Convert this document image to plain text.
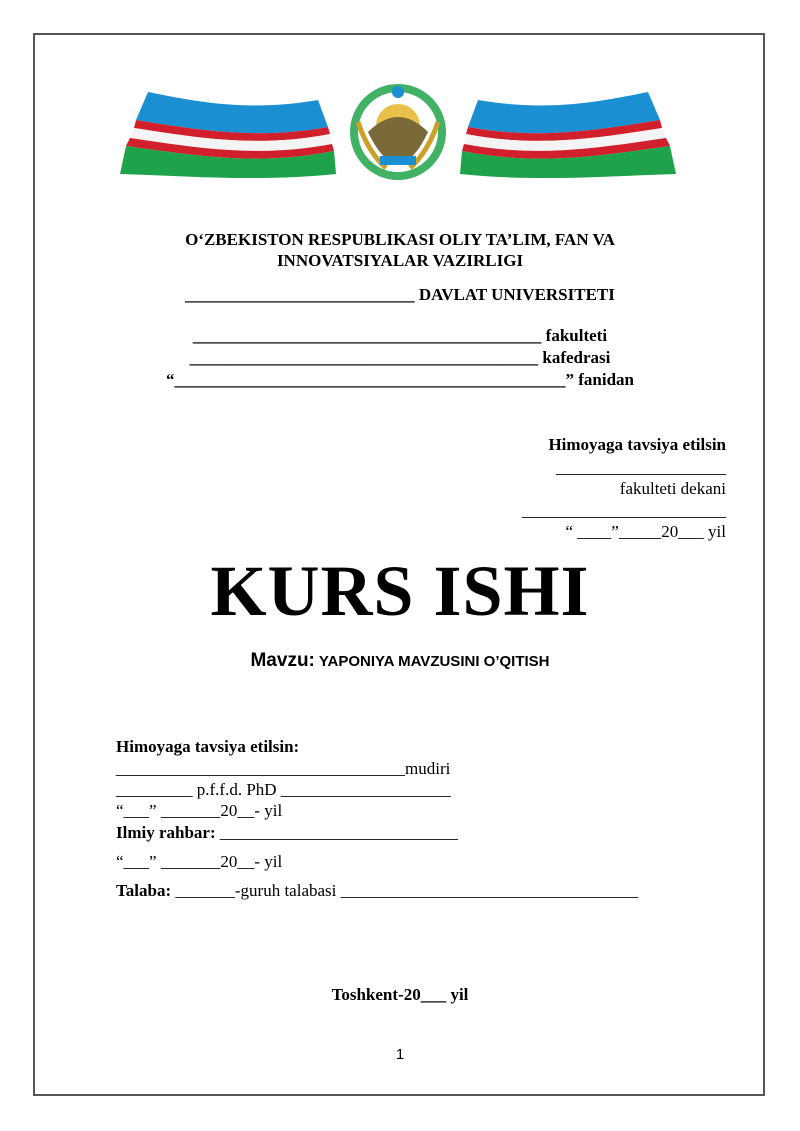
O‘ZBEKISTON RESPUBLIKASI OLIY TA’LIM, FAN VA
INNOVATSIYALAR VAZIRLIGI
___________________________ DAVLAT UNIVERSITETI
_________________________________________ fakulteti
_________________________________________ kafedrasi
“______________________________________________” fanidan
Himoyaga tavsiya etilsin
____________________
fakulteti dekani
________________________
“ ____”_____20___ yil
KURS ISHI
Mavzu: YAPONIYA MAVZUSINI O’QITISH
Himoyaga tavsiya etilsin:
__________________________________mudiri
_________ p.f.f.d. PhD ____________________
“___” _______20__- yil
Ilmiy rahbar: ____________________________
“___” _______20__- yil
Talaba: _______-guruh talabasi ___________________________________
Toshkent-20___ yil
1
